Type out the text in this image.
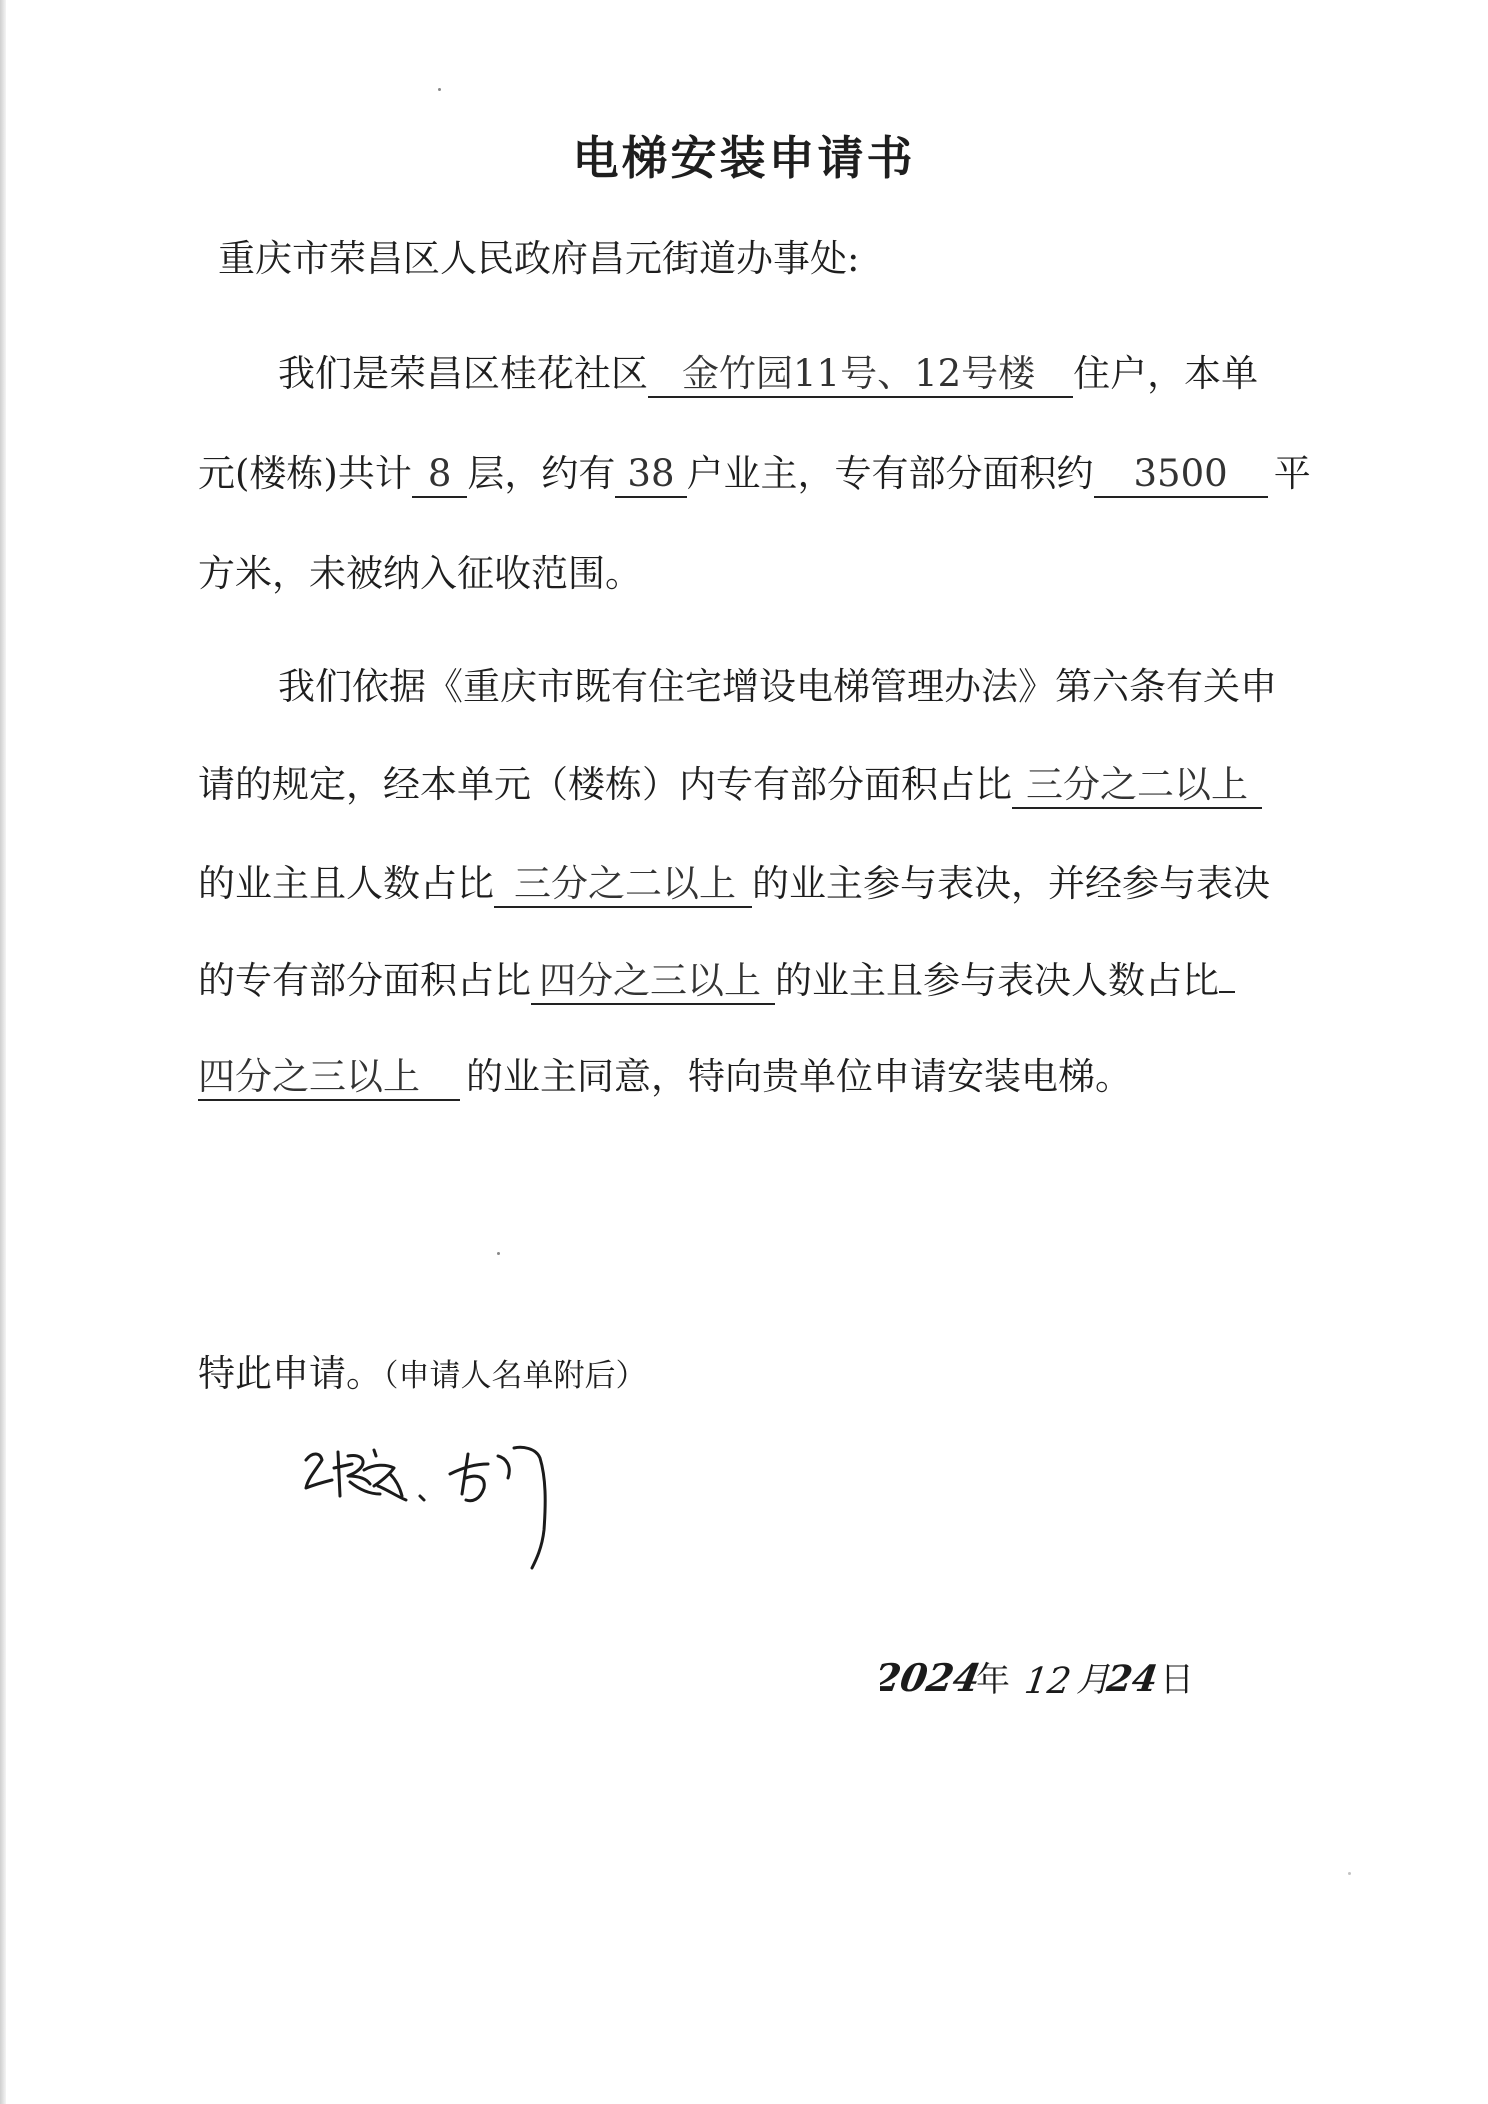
电梯安装申请书
重庆市荣昌区人民政府昌元街道办事处:
我们是荣昌区桂花社区 金竹园11号、12号楼 住户，本单
元(楼栋)共计 8 层，约有 38 户业主，专有部分面积约 3500 平
方米，未被纳入征收范围。
我们依据《重庆市既有住宅增设电梯管理办法》第六条有关申
请的规定，经本单元（楼栋）内专有部分面积占比 三分之二以上
的业主且人数占比 三分之二以上 的业主参与表决，并经参与表决
的专有部分面积占比 四分之三以上 的业主且参与表决人数占比
四分之三以上 的业主同意，特向贵单位申请安装电梯。
特此申请。（申请人名单附后）
2024
年 12 月
24 日
